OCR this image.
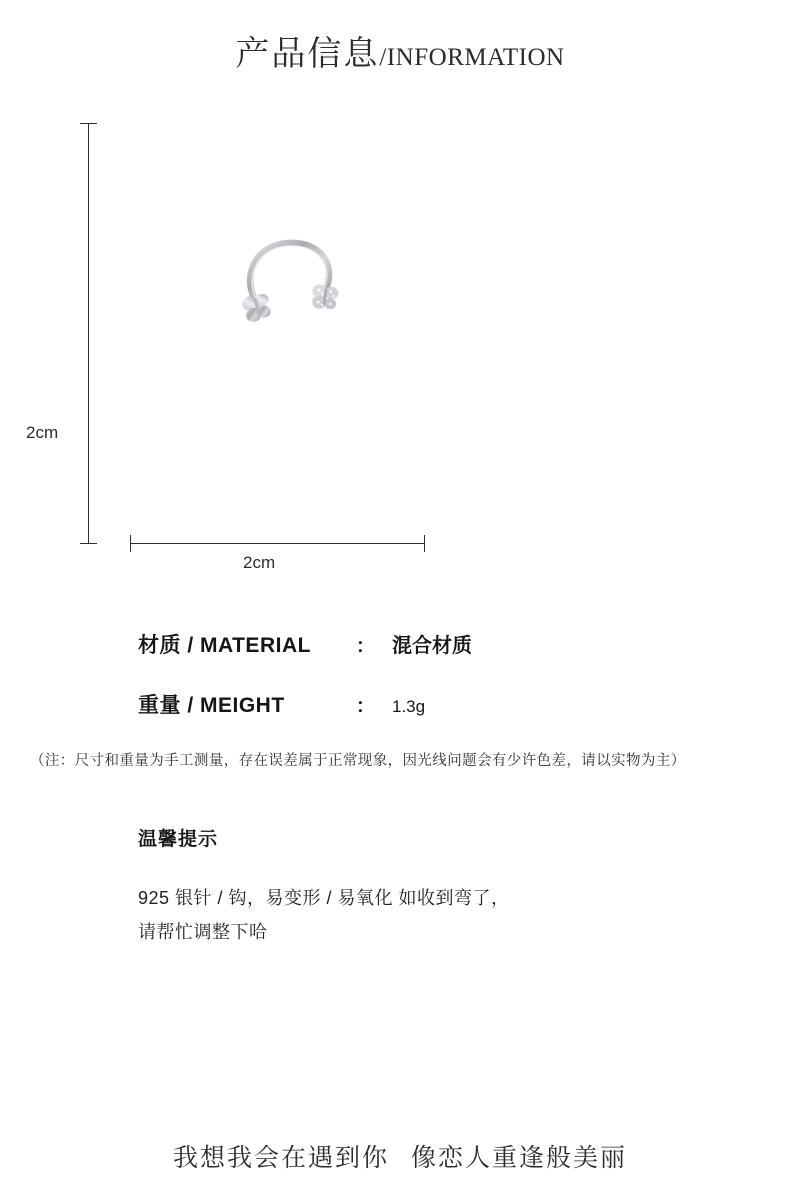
产品信息/INFORMATION
2cm
2cm
材质 / MATERIAL	： 混合材质
重量 / MEIGHT	： 1.3g
（注：尺寸和重量为手工测量，存在误差属于正常现象，因光线问题会有少许色差，请以实物为主）
温馨提示
925 银针 / 钩，易变形 / 易氧化 如收到弯了，
请帮忙调整下哈
我想我会在遇到你 像恋人重逢般美丽
